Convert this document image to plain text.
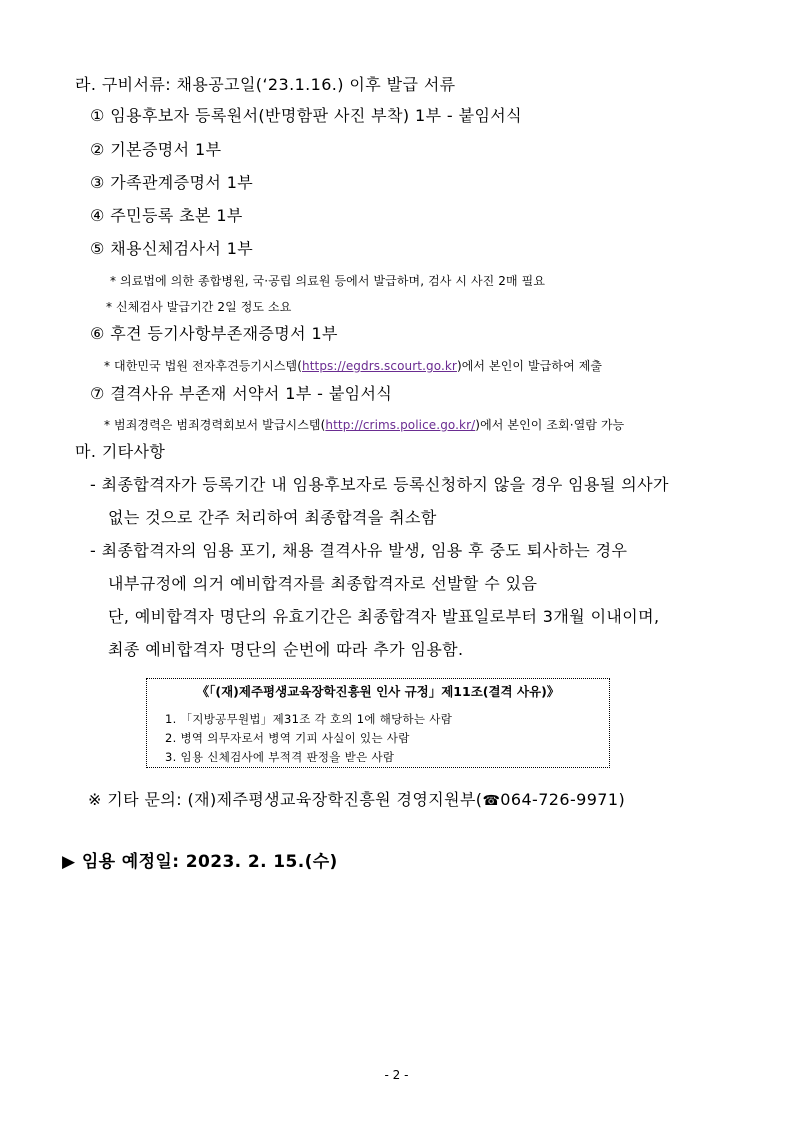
라. 구비서류: 채용공고일(‘23.1.16.) 이후 발급 서류
① 임용후보자 등록원서(반명함판 사진 부착) 1부 - 붙임서식
② 기본증명서 1부
③ 가족관계증명서 1부
④ 주민등록 초본 1부
⑤ 채용신체검사서 1부
* 의료법에 의한 종합병원, 국·공립 의료원 등에서 발급하며, 검사 시 사진 2매 필요
* 신체검사 발급기간 2일 정도 소요
⑥ 후견 등기사항부존재증명서 1부
* 대한민국 법원 전자후견등기시스템(https://egdrs.scourt.go.kr)에서 본인이 발급하여 제출
⑦ 결격사유 부존재 서약서 1부 - 붙임서식
* 범죄경력은 범죄경력회보서 발급시스템(http://crims.police.go.kr/)에서 본인이 조회·열람 가능
마. 기타사항
- 최종합격자가 등록기간 내 임용후보자로 등록신청하지 않을 경우 임용될 의사가
없는 것으로 간주 처리하여 최종합격을 취소함
- 최종합격자의 임용 포기, 채용 결격사유 발생, 임용 후 중도 퇴사하는 경우
내부규정에 의거 예비합격자를 최종합격자로 선발할 수 있음
단, 예비합격자 명단의 유효기간은 최종합격자 발표일로부터 3개월 이내이며,
최종 예비합격자 명단의 순번에 따라 추가 임용함.
《「(재)제주평생교육장학진흥원 인사 규정」제11조(결격 사유)》
1. 「지방공무원법」제31조 각 호의 1에 해당하는 사람
2. 병역 의무자로서 병역 기피 사실이 있는 사람
3. 임용 신체검사에 부적격 판정을 받은 사람
※ 기타 문의: (재)제주평생교육장학진흥원 경영지원부(☎064-726-9971)
▶ 임용 예정일: 2023. 2. 15.(수)
- 2 -
